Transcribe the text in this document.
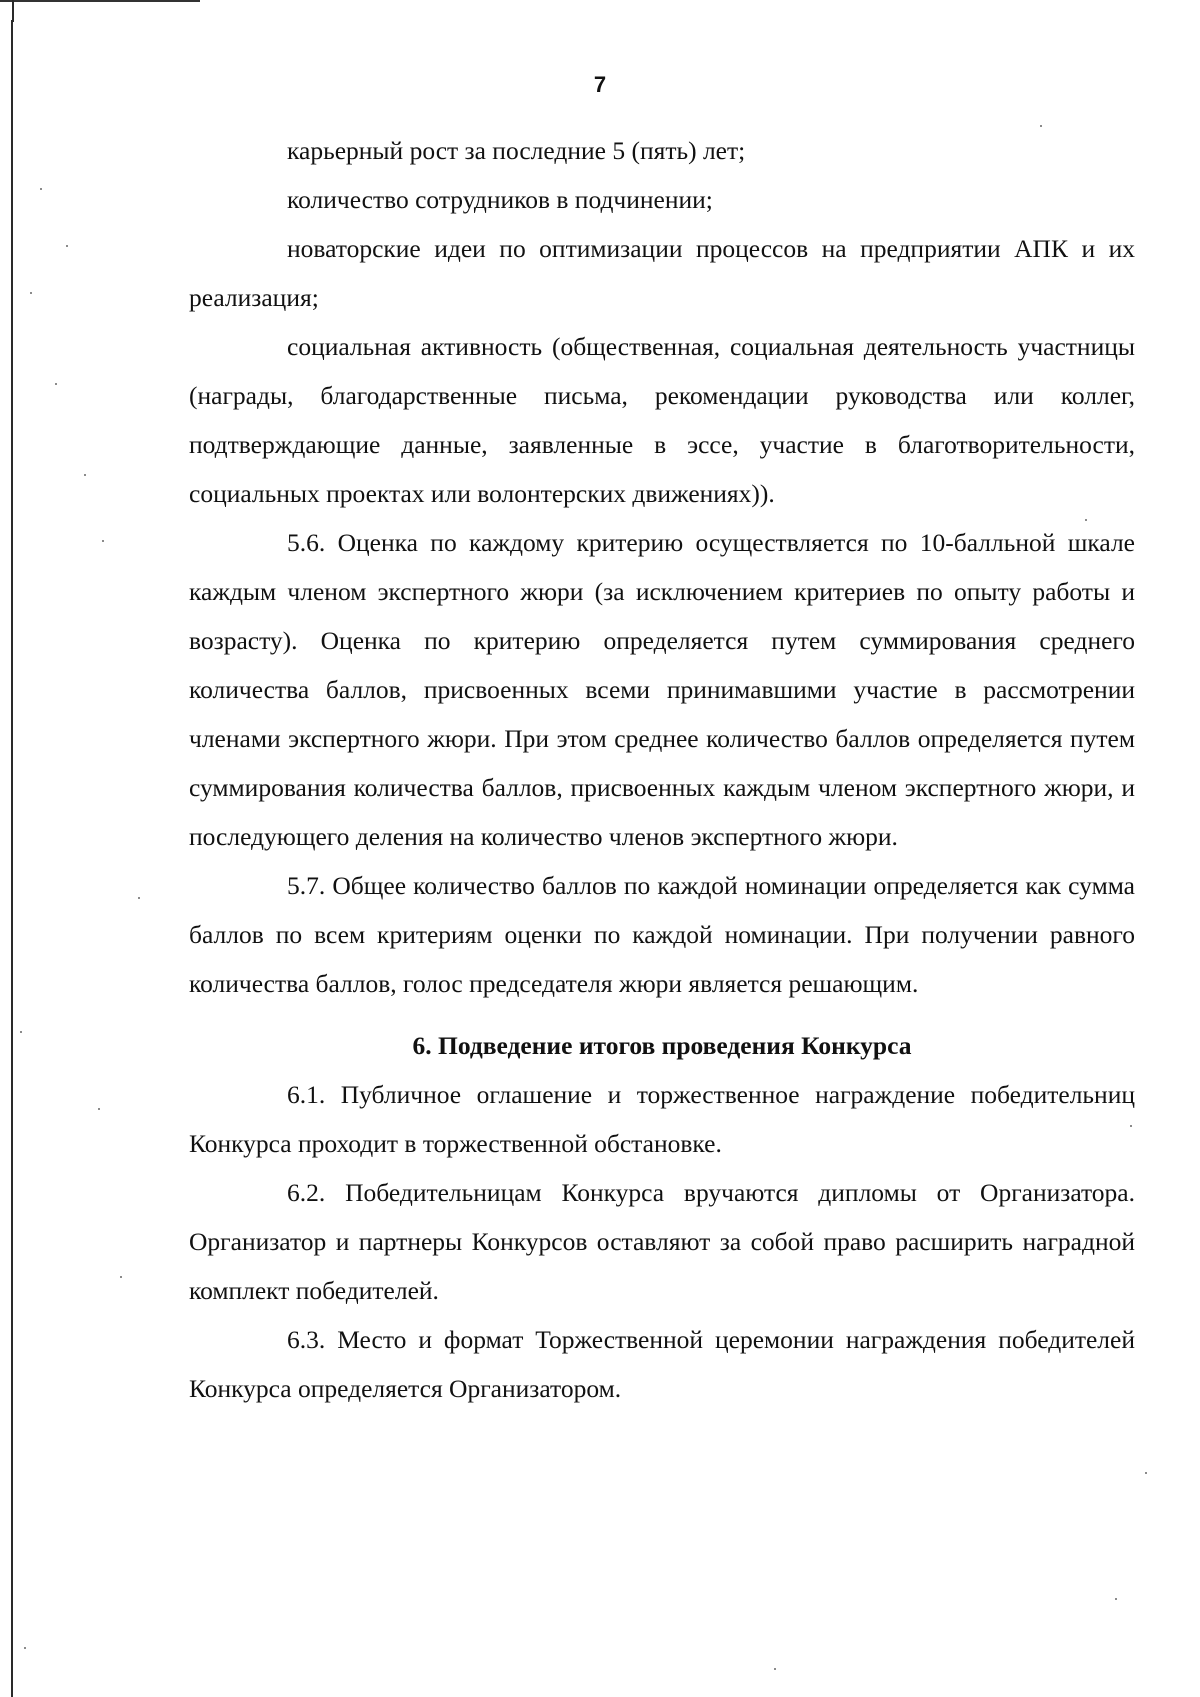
7

карьерный рост за последние 5 (пять) лет;

количество сотрудников в подчинении;

новаторские идеи по оптимизации процессов на предприятии АПК и их реализация;

социальная активность (общественная, социальная деятельность участницы (награды, благодарственные письма, рекомендации руководства или коллег, подтверждающие данные, заявленные в эссе, участие в благотворительности, социальных проектах или волонтерских движениях)).

5.6. Оценка по каждому критерию осуществляется по 10-балльной шкале каждым членом экспертного жюри (за исключением критериев по опыту работы и возрасту). Оценка по критерию определяется путем суммирования среднего количества баллов, присвоенных всеми принимавшими участие в рассмотрении членами экспертного жюри. При этом среднее количество баллов определяется путем суммирования количества баллов, присвоенных каждым членом экспертного жюри, и последующего деления на количество членов экспертного жюри.

5.7. Общее количество баллов по каждой номинации определяется как сумма баллов по всем критериям оценки по каждой номинации. При получении равного количества баллов, голос председателя жюри является решающим.

6. Подведение итогов проведения Конкурса

6.1. Публичное оглашение и торжественное награждение победительниц Конкурса проходит в торжественной обстановке.

6.2. Победительницам Конкурса вручаются дипломы от Организатора. Организатор и партнеры Конкурсов оставляют за собой право расширить наградной комплект победителей.

6.3. Место и формат Торжественной церемонии награждения победителей Конкурса определяется Организатором.
